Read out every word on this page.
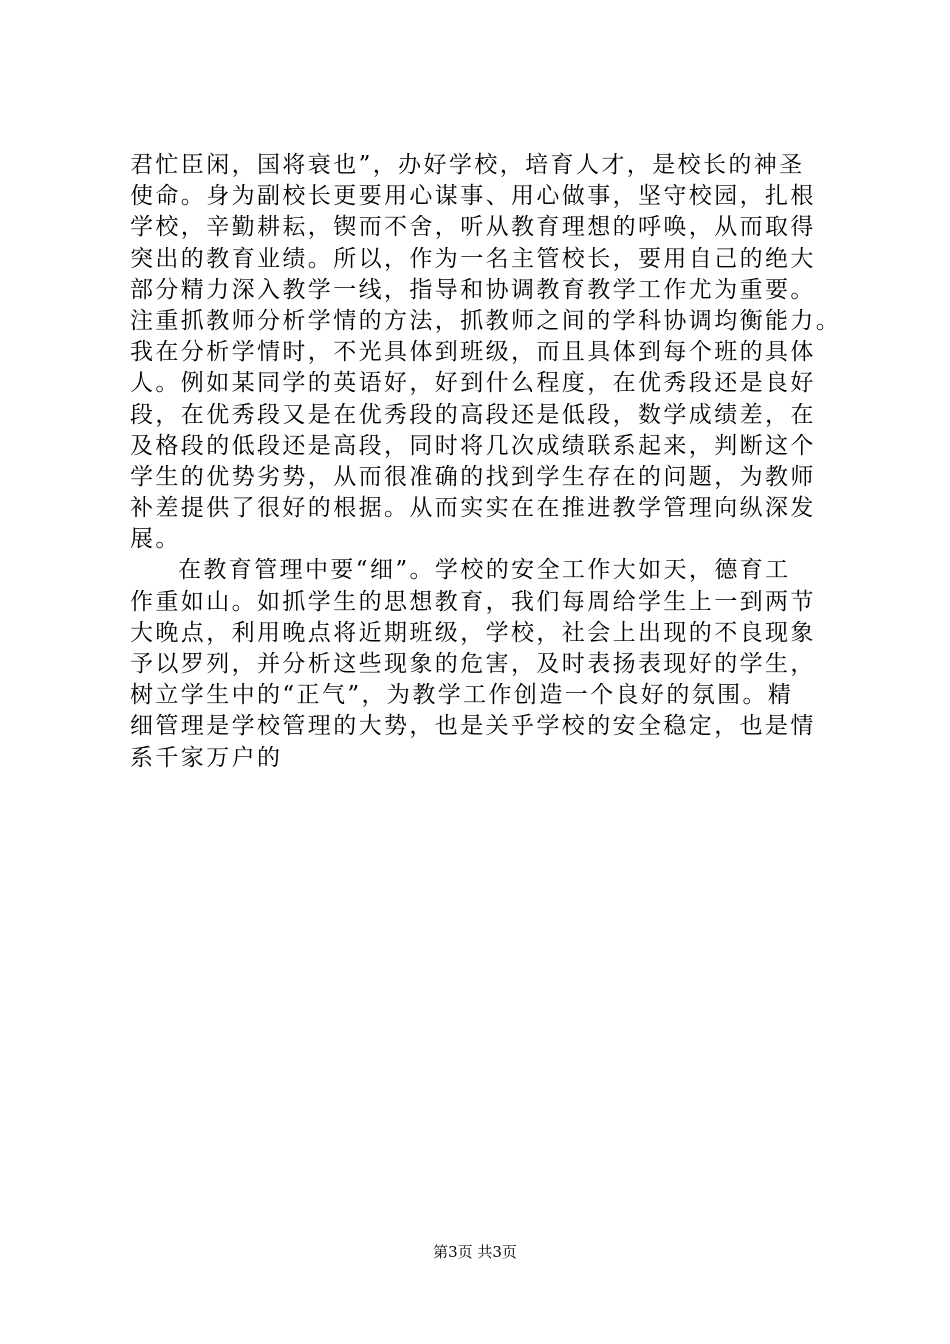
君忙臣闲，国将衰也”，办好学校，培育人才，是校长的神圣
使命。身为副校长更要用心谋事、用心做事，坚守校园，扎根
学校，辛勤耕耘，锲而不舍，听从教育理想的呼唤，从而取得
突出的教育业绩。所以，作为一名主管校长，要用自己的绝大
部分精力深入教学一线，指导和协调教育教学工作尤为重要。
注重抓教师分析学情的方法，抓教师之间的学科协调均衡能力。
我在分析学情时，不光具体到班级，而且具体到每个班的具体
人。例如某同学的英语好，好到什么程度，在优秀段还是良好
段，在优秀段又是在优秀段的高段还是低段，数学成绩差，在
及格段的低段还是高段，同时将几次成绩联系起来，判断这个
学生的优势劣势，从而很准确的找到学生存在的问题，为教师
补差提供了很好的根据。从而实实在在推进教学管理向纵深发
展。
在教育管理中要“细”。学校的安全工作大如天，德育工
作重如山。如抓学生的思想教育，我们每周给学生上一到两节
大晚点，利用晚点将近期班级，学校，社会上出现的不良现象
予以罗列，并分析这些现象的危害，及时表扬表现好的学生，
树立学生中的“正气”，为教学工作创造一个良好的氛围。精
细管理是学校管理的大势，也是关乎学校的安全稳定，也是情
系千家万户的
第3页 共3页
